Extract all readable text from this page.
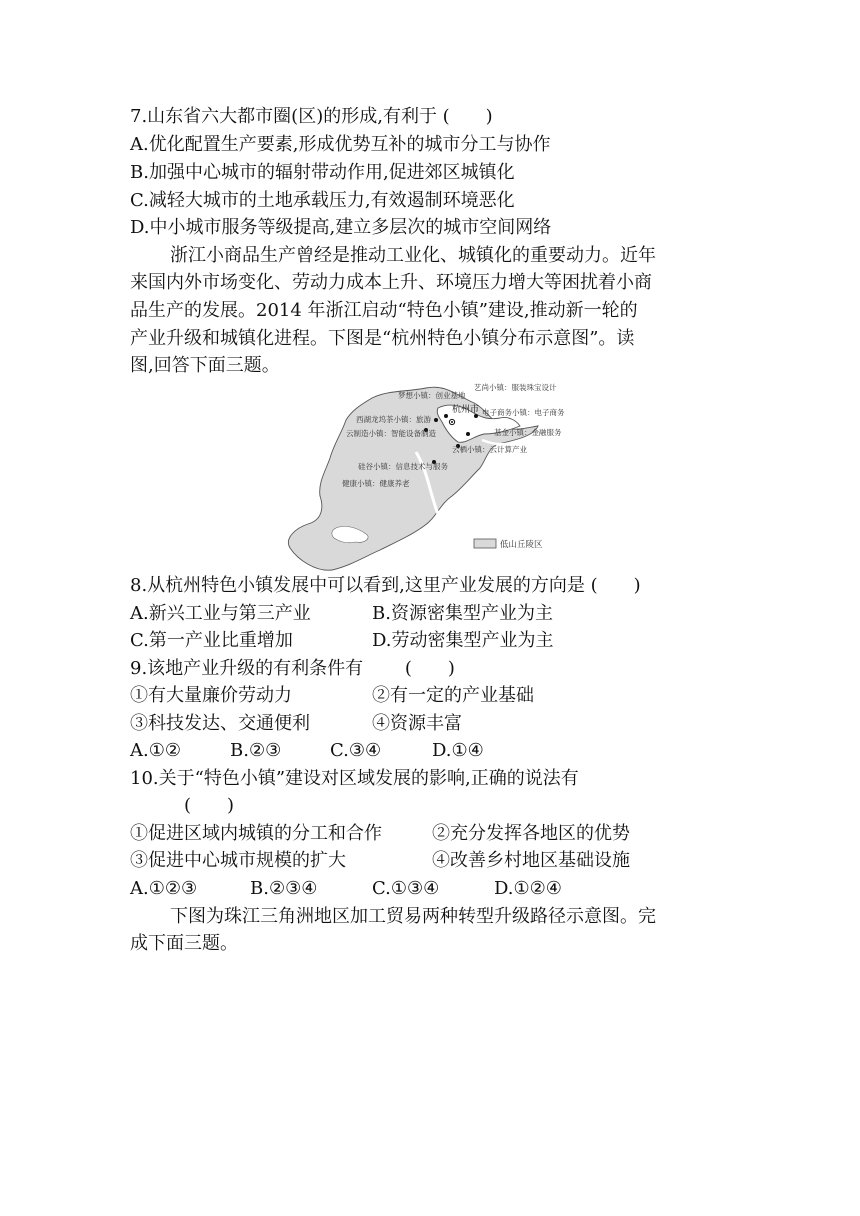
7.山东省六大都市圈(区)的形成,有利于 (　　)
A.优化配置生产要素,形成优势互补的城市分工与协作
B.加强中心城市的辐射带动作用,促进郊区城镇化
C.减轻大城市的土地承载压力,有效遏制环境恶化
D.中小城市服务等级提高,建立多层次的城市空间网络
浙江小商品生产曾经是推动工业化、城镇化的重要动力。近年
来国内外市场变化、劳动力成本上升、环境压力增大等困扰着小商
品生产的发展。2014 年浙江启动“特色小镇”建设,推动新一轮的
产业升级和城镇化进程。下图是“杭州特色小镇分布示意图”。读
图,回答下面三题。
梦想小镇：创业基地
艺尚小镇：服装珠宝设计
西湖龙坞茶小镇：旅游
云制造小镇：智能设备制造	基金小镇：金融服务
硅谷小镇：信息技术与服务
健康小镇：健康养老
云栖小镇：云计算产业
电子商务小镇：电子商务
杭州市
低山丘陵区
8.从杭州特色小镇发展中可以看到,这里产业发展的方向是 (　　)
A.新兴工业与第三产业	B.资源密集型产业为主
C.第一产业比重增加	D.劳动密集型产业为主
9.该地产业升级的有利条件有　　 (　　)
①有大量廉价劳动力	②有一定的产业基础
③科技发达、交通便利	④资源丰富
A.①②	B.②③	C.③④	D.①④
10.关于“特色小镇”建设对区域发展的影响,正确的说法有
(　　)
①促进区域内城镇的分工和合作	②充分发挥各地区的优势
③促进中心城市规模的扩大	④改善乡村地区基础设施
A.①②③	B.②③④	C.①③④	D.①②④
下图为珠江三角洲地区加工贸易两种转型升级路径示意图。完
成下面三题。
